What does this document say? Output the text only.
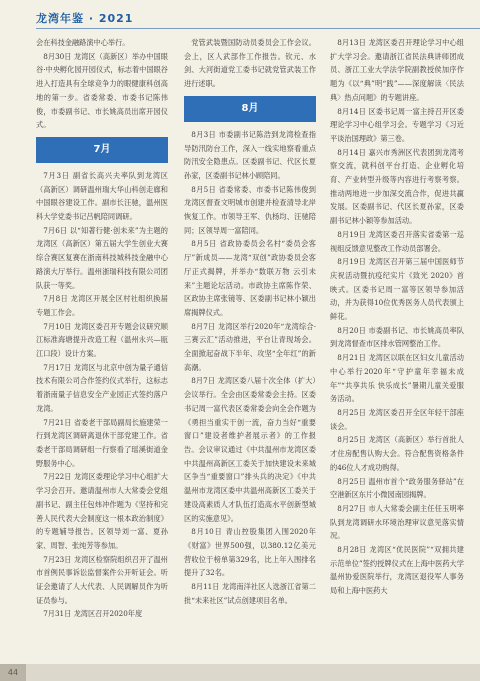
龙湾年鉴 · 2021

会在科技金融路演中心举行。

8月30日 龙湾区（高新区）举办中国眼谷·中央孵化园开园仪式，标志着中国眼谷进入打造具有全球竞争力的眼健康科创高地的第一步。省委常委、市委书记陈伟俊，市委副书记、市长姚高员出席开园仪式。

7月

7月3日 副省长高兴夫率队到龙湾区（高新区）调研温州瑞大华山科创走廊和中国眼谷建设工作。副市长汪驰，温州医科大学党委书记吕帆陪同调研。

7月6日 以“知著行健·创未来”为主题的龙湾区（高新区）第五届大学生创业大赛综合赛区复赛在浙南科技城科技金融中心路演大厅举行。温州浙瑞科技有限公司团队获一等奖。

7月8日 龙湾区开展全区村社组织换届专题工作会。

7月10日 龙湾区委召开专题会议研究顺江标准海塘提升改造工程（温州永兴—瓯江口段）设计方案。

7月17日 龙湾区与北京中创为量子通信技术有限公司合作签约仪式举行，这标志着浙南量子信息安全产业园正式签约落户龙湾。

7月21日 省委老干部局副局长施建荣一行到龙湾区调研离退休干部党建工作。省委老干部局调研组一行察看了瑶溪街道金野服务中心。

7月22日 龙湾区委理论学习中心组扩大学习会召开。邀请温州市人大常委会党组副书记、副主任包炜冲作题为《坚持和完善人民代表大会制度这一根本政治制度》的专题辅导报告。区领导刘一富、夏孙家、周智、张纯芳等参加。

7月23日 龙湾区检察院组织召开了温州市首例民事诉讼监督案件公开听证会。听证会邀请了人大代表、人民调解员作为听证员参与。

7月31日 龙湾区召开2020年度

党管武装暨国防动员委员会工作会议。会上，区人武部作工作报告。钦元、水剑、大河街道党工委书记就党管武装工作进行述职。

8月

8月3日 市委副书记陈浩到龙湾检查指导防汛防台工作，深入一线实地察看重点防汛安全隐患点。区委副书记、代区长夏孙家，区委副书记林小顾陪同。

8月5日 省委常委、市委书记陈伟俊到龙湾区督查文明城市创建并检查清导北岸恢复工作。市领导王军、仇杨均、汪驰陪同；区领导周一富陪同。

8月5日 省政协委员会名村“委员会客厅”新成员——龙湾“双创”政协委员会客厅正式揭牌，并举办“数联万物 云引未来”主题论坛活动。市政协主席陈作荣、区政协主席张镜等、区委副书记林小颖出席揭牌仪式。

8月7日 龙湾区举行2020年“龙湾综合·三赛云汇”活动推进，平台让青现场会。全面掀起奋战下半年、攻坚“全年红”的新高潮。

8月7日 龙湾区委八届十次全体（扩大）会议举行。全会由区委常委会主持。区委书记周一富代表区委常委会向全会作题为《勇担当重实干创一流，奋力当好“重要窗口”建设者维护者展示者》的工作报告。会议审议通过《中共温州市龙湾区委中共温州高新区工委关于加快建设未来城区争当“重要窗口”排头兵的决定》《中共温州市龙湾区委中共温州高新区工委关于建设高素质人才队伍打造高水平创新型城区的实施意见》。

8月10日 青山控股集团入围2020年《财富》世界500强，以380.12亿美元营收位于榜单第329名，比上年入围排名提升了32名。

8月11日 龙湾南洋社区人选浙江省第二批“未来社区”试点创建项目名单。

8月13日 龙湾区委召开理论学习中心组扩大学习会。邀请浙江省民法典讲师团成员、浙江工业大学法学院副教授侯加序作题为《以“典”明“践”——深度解读〈民法典〉热点问题》的专题讲座。

8月14日 区委书记周一富主持召开区委理论学习中心组学习会。专题学习《习近平谈治国理政》第三卷。

8月14日 嘉兴市秀洲区代表团到龙湾考察交流，就科创平台打造、企业孵化培育、产业转型升级等内容进行考察考察。推动两地进一步加深交流合作，促进共赢发展。区委副书记、代区长夏孙家，区委副书记林小颖等参加活动。

8月19日 龙湾区委召开落实省委第一巡视组反馈意见整改工作动员部署会。

8月19日 龙湾区召开第三届中国医师节庆祝活动暨抗疫纪实片《致光 2020》首映式。区委书记周一富等区领导参加活动，并为获得10位优秀医务人员代表颁上鲜花。

8月20日 市委副书记、市长姚高员率队到龙湾督查市区排水管网整治工作。

8月21日 龙湾区以联在区妇女儿童活动中心举行2020年“守护童年幸福未成年”“共享共乐 快乐成长”暑期儿童关爱服务活动。

8月25日 龙湾区委召开全区年轻干部座谈会。

8月25日 龙湾区（高新区）举行首批人才住房配售认购大会。符合配售资格条件的46位人才成功购得。

8月25日 温州市首个“政务服务驿站”在空港新区东片小微园南园揭牌。

8月27日 市人大常委会副主任任玉明率队到龙湾调研水环境治理审议意见落实情况。

8月28日 龙湾区“优民医院”“双拥共建示范单位”签约授牌仪式在上海中医药大学温州协爱医院举行，龙湾区退役军人事务局和上海中医药大

44
